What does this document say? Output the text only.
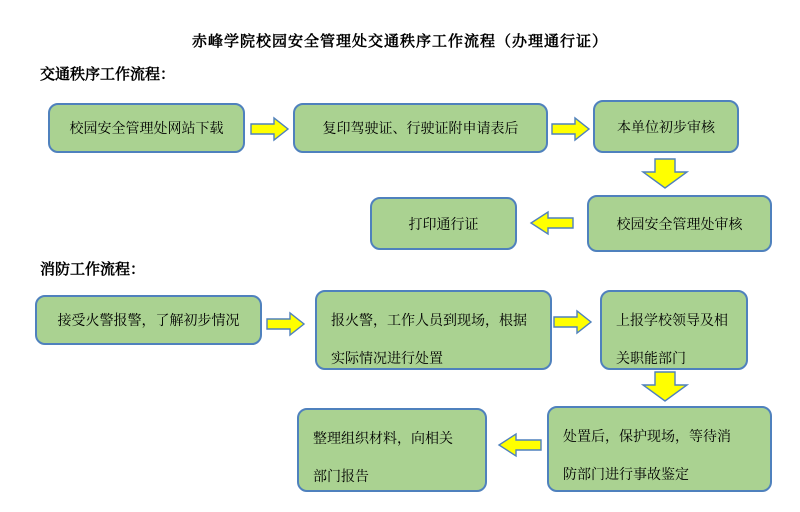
赤峰学院校园安全管理处交通秩序工作流程（办理通行证）
交通秩序工作流程：
校园安全管理处网站下载	复印驾驶证、行驶证附申请表后	本单位初步审核
校园安全管理处审核
打印通行证
消防工作流程：
接受火警报警，了解初步情况	报火警，工作人员到现场，根据
实际情况进行处置
上报学校领导及相
关职能部门
处置后，保护现场，等待消
防部门进行事故鉴定
整理组织材料，向相关
部门报告
